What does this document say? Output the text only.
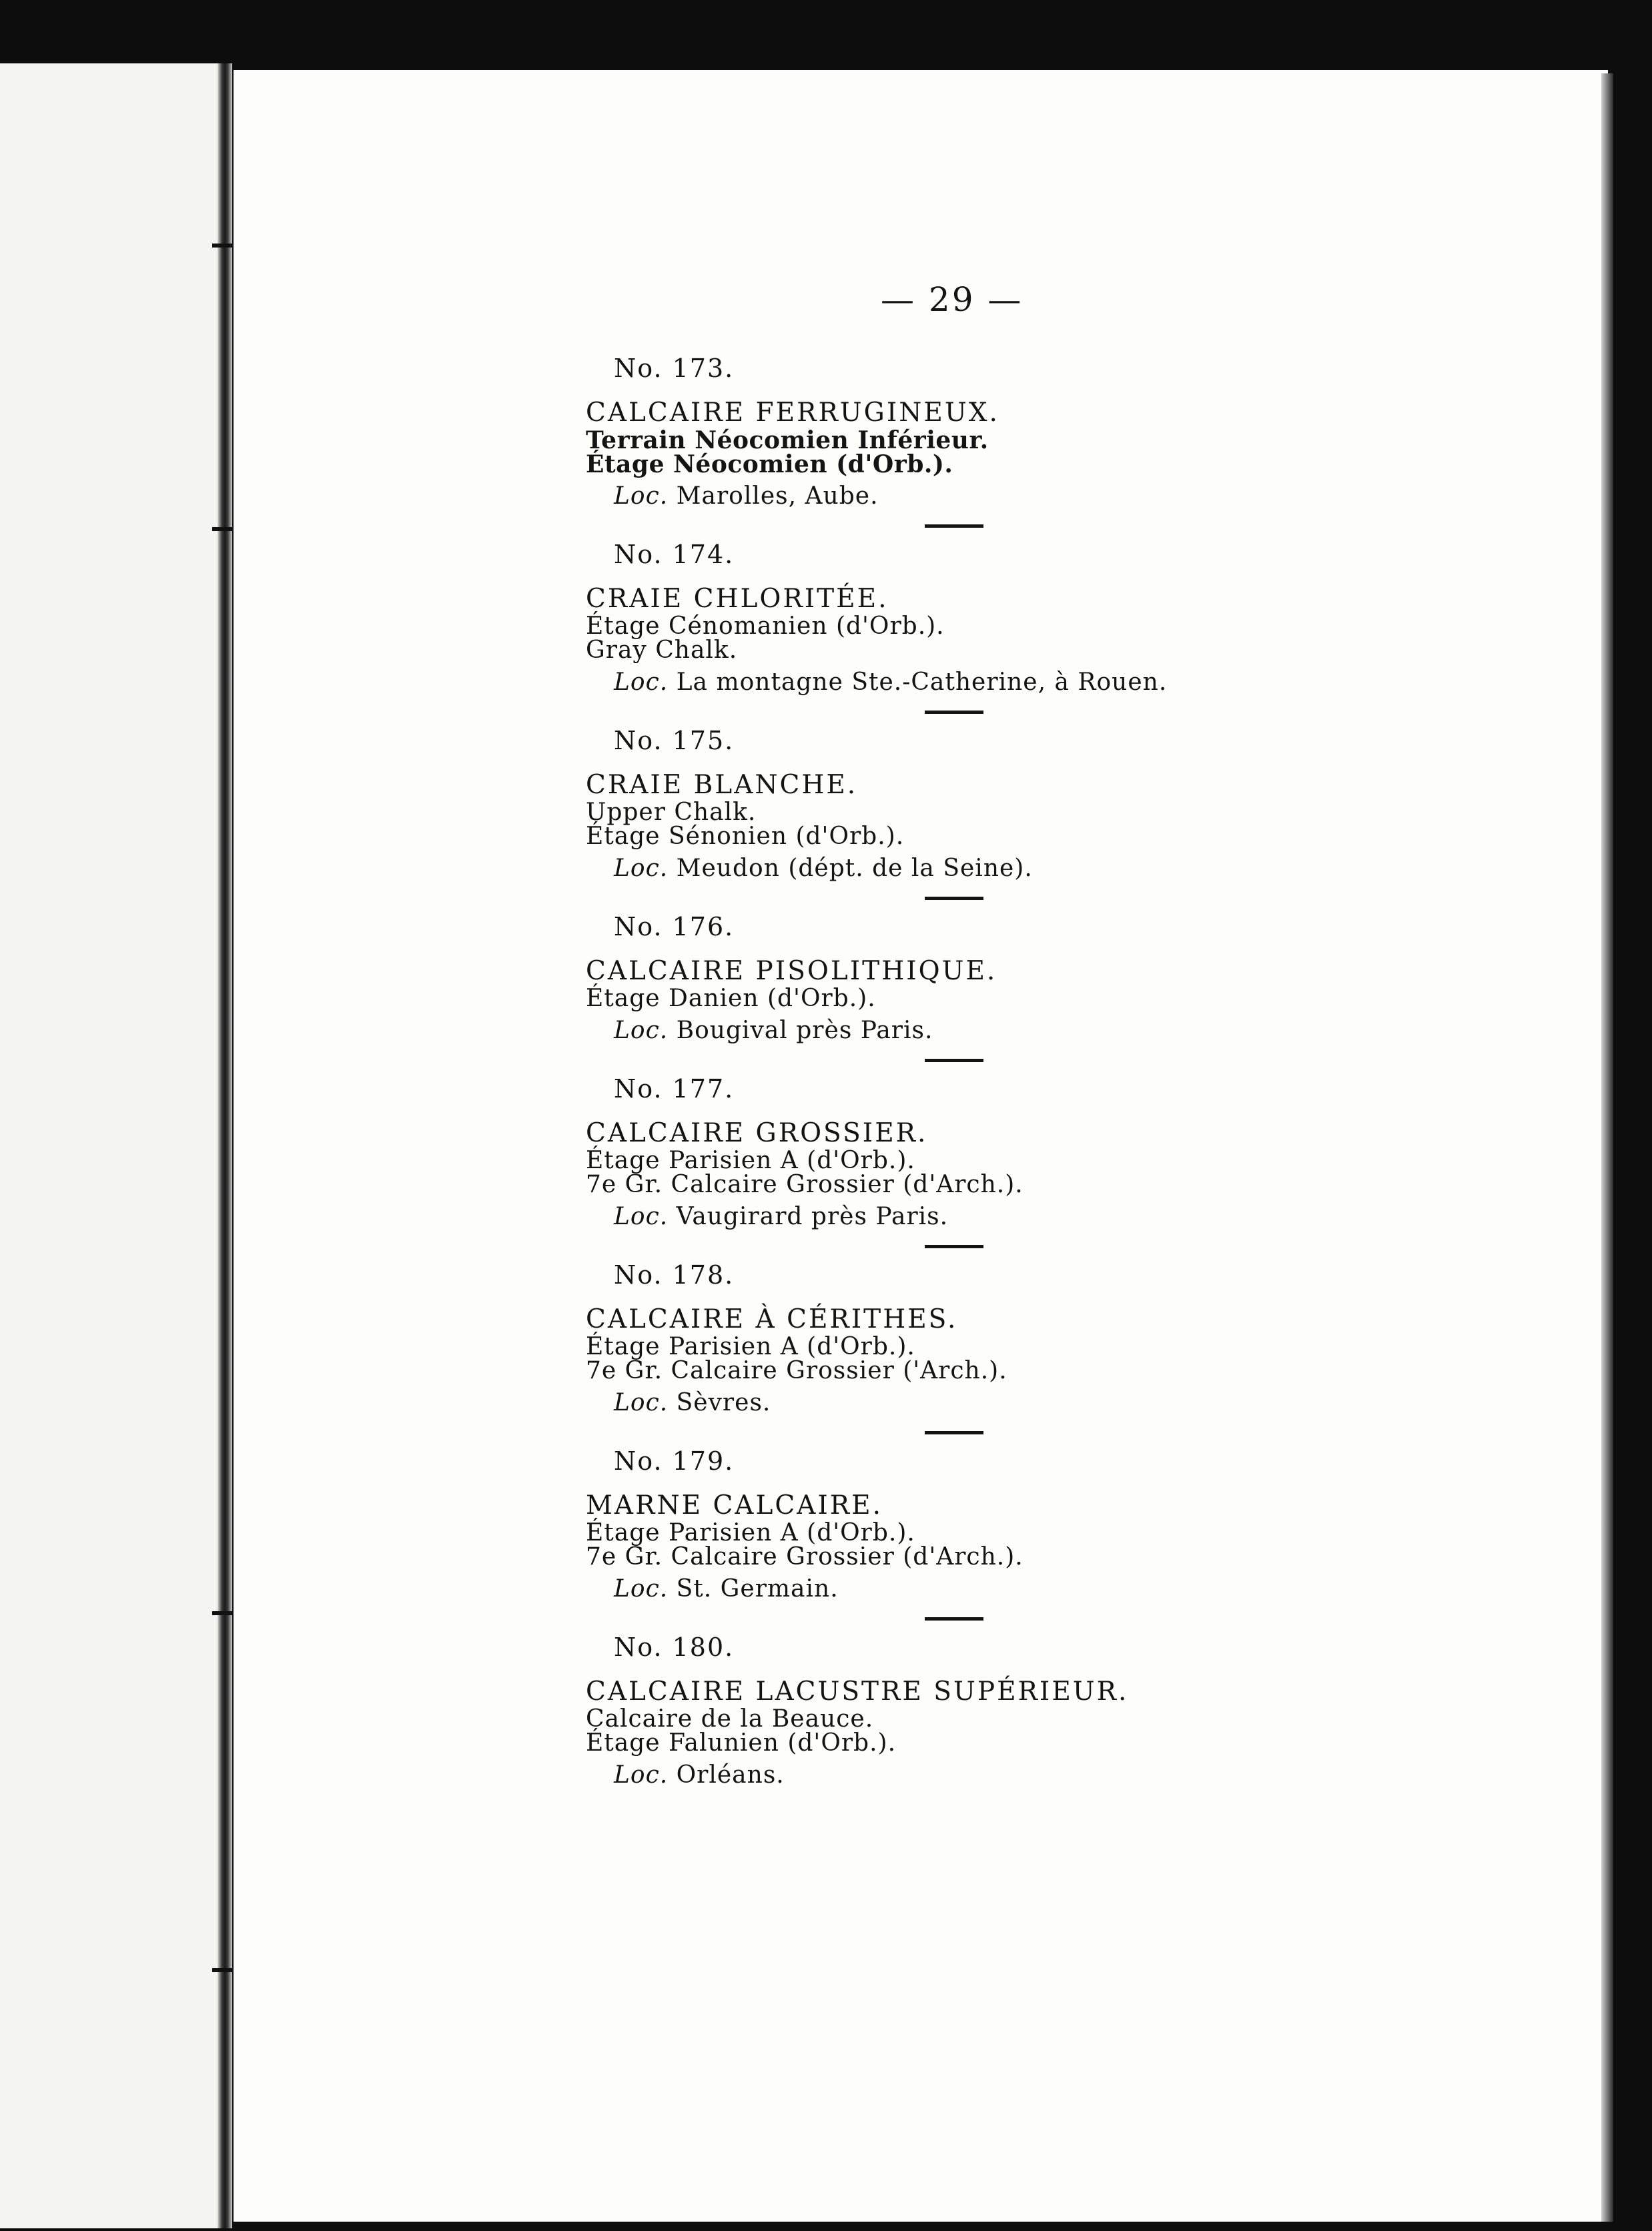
— 29 —
No. 173.
CALCAIRE FERRUGINEUX.
Terrain Néocomien Inférieur.
Étage Néocomien (d'Orb.).
Loc. Marolles, Aube.
No. 174.
CRAIE CHLORITÉE.
Étage Cénomanien (d'Orb.).
Gray Chalk.
Loc. La montagne Ste.-Catherine, à Rouen.
No. 175.
CRAIE BLANCHE.
Upper Chalk.
Étage Sénonien (d'Orb.).
Loc. Meudon (dépt. de la Seine).
No. 176.
CALCAIRE PISOLITHIQUE.
Étage Danien (d'Orb.).
Loc. Bougival près Paris.
No. 177.
CALCAIRE GROSSIER.
Étage Parisien A (d'Orb.).
7e Gr. Calcaire Grossier (d'Arch.).
Loc. Vaugirard près Paris.
No. 178.
CALCAIRE À CÉRITHES.
Étage Parisien A (d'Orb.).
7e Gr. Calcaire Grossier ('Arch.).
Loc. Sèvres.
No. 179.
MARNE CALCAIRE.
Étage Parisien A (d'Orb.).
7e Gr. Calcaire Grossier (d'Arch.).
Loc. St. Germain.
No. 180.
CALCAIRE LACUSTRE SUPÉRIEUR.
Calcaire de la Beauce.
Étage Falunien (d'Orb.).
Loc. Orléans.
